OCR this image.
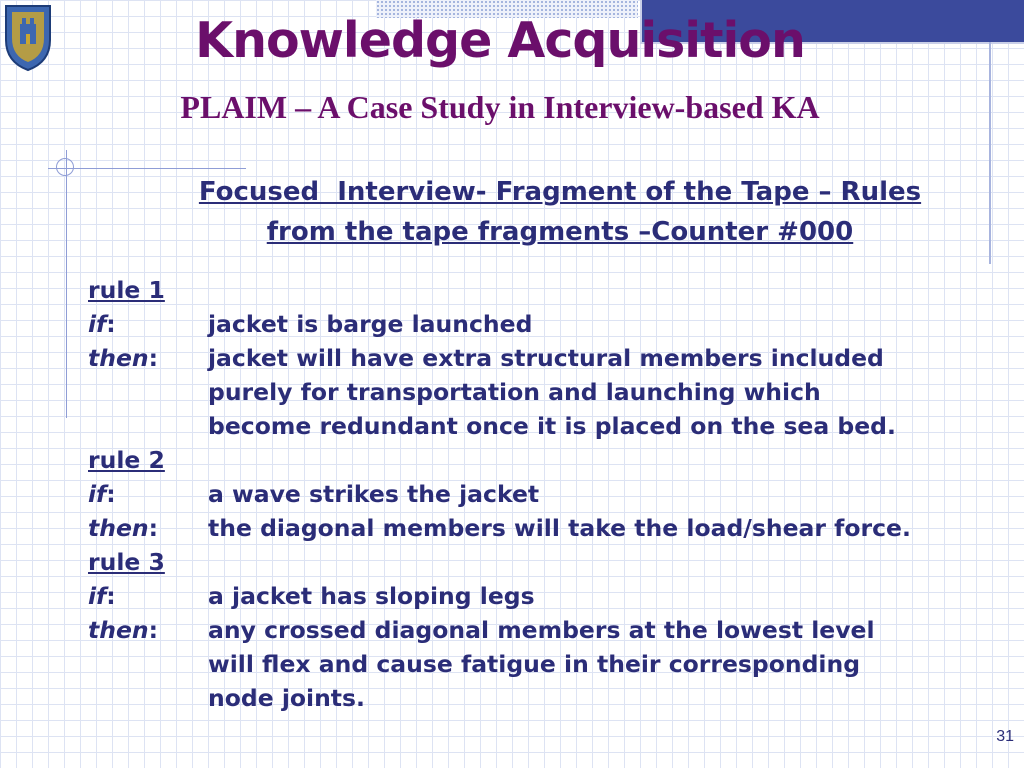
Knowledge Acquisition
PLAIM – A Case Study in Interview-based KA
Focused  Interview- Fragment of the Tape – Rules
from the tape fragments –Counter #000
rule 1
if:	jacket is barge launched
then:	jacket will have extra structural members included
purely for transportation and launching which
become redundant once it is placed on the sea bed.
rule 2
if:	a wave strikes the jacket
then:	the diagonal members will take the load/shear force.
rule 3
if:	a jacket has sloping legs
then:	any crossed diagonal members at the lowest level
will flex and cause fatigue in their corresponding
node joints.
31
